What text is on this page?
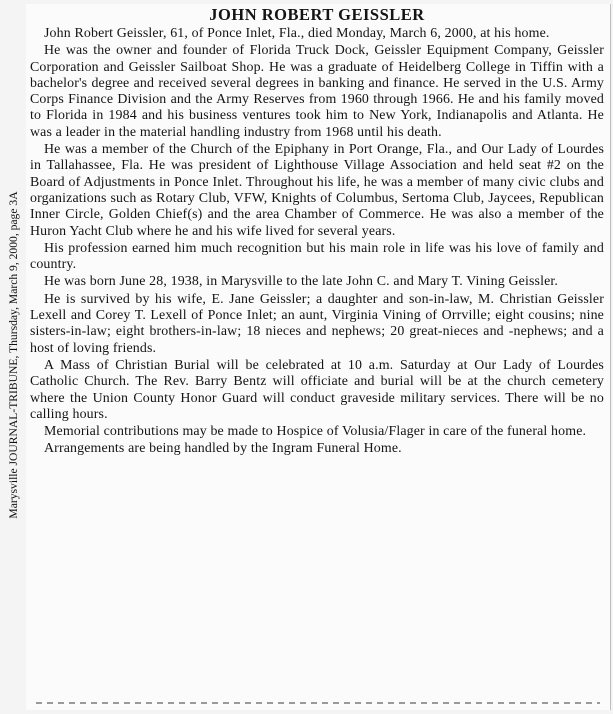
Marysville JOURNAL-TRIBUNE, Thursday, March 9, 2000, page 3A
JOHN ROBERT GEISSLER

John Robert Geissler, 61, of Ponce Inlet, Fla., died Monday, March 6, 2000, at his home.

He was the owner and founder of Florida Truck Dock, Geissler Equipment Company, Geissler Corporation and Geissler Sailboat Shop. He was a graduate of Heidelberg College in Tiffin with a bachelor's degree and received several degrees in banking and finance. He served in the U.S. Army Corps Finance Division and the Army Reserves from 1960 through 1966. He and his family moved to Florida in 1984 and his business ventures took him to New York, Indianapolis and Atlanta. He was a leader in the material handling industry from 1968 until his death.

He was a member of the Church of the Epiphany in Port Orange, Fla., and Our Lady of Lourdes in Tallahassee, Fla. He was president of Lighthouse Village Association and held seat #2 on the Board of Adjustments in Ponce Inlet. Throughout his life, he was a member of many civic clubs and organizations such as Rotary Club, VFW, Knights of Columbus, Sertoma Club, Jaycees, Republican Inner Circle, Golden Chief(s) and the area Chamber of Commerce. He was also a member of the Huron Yacht Club where he and his wife lived for several years.

His profession earned him much recognition but his main role in life was his love of family and country.

He was born June 28, 1938, in Marysville to the late John C. and Mary T. Vining Geissler.

He is survived by his wife, E. Jane Geissler; a daughter and son-in-law, M. Christian Geissler Lexell and Corey T. Lexell of Ponce Inlet; an aunt, Virginia Vining of Orrville; eight cousins; nine sisters-in-law; eight brothers-in-law; 18 nieces and nephews; 20 great-nieces and -nephews; and a host of loving friends.

A Mass of Christian Burial will be celebrated at 10 a.m. Saturday at Our Lady of Lourdes Catholic Church. The Rev. Barry Bentz will officiate and burial will be at the church cemetery where the Union County Honor Guard will conduct graveside military services. There will be no calling hours.

Memorial contributions may be made to Hospice of Volusia/Flager in care of the funeral home.

Arrangements are being handled by the Ingram Funeral Home.
